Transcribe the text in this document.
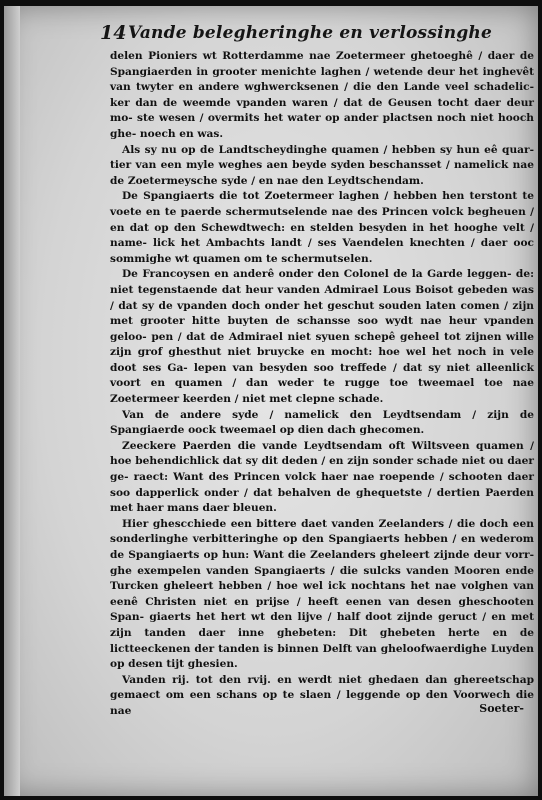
14 Vande belegheringhe en verlossinghe

delen Pioniers wt Rotterdamme nae Zoetermeer ghetoeghê / daer de Spangiaerden in grooter menichte laghen / wetende deur het inghevêt van twyter en andere wghwercksenen / die den Lande veel schadelic- ker dan de weemde vpanden waren / dat de Geusen tocht daer deur mo- ste wesen / overmits het water op ander plactsen noch niet hooch ghe- noech en was.

Als sy nu op de Landtscheydinghe quamen / hebben sy hun eê quar- tier van een myle weghes aen beyde syden beschansset / namelick nae de Zoetermeysche syde / en nae den Leydtschendam.

De Spangiaerts die tot Zoetermeer laghen / hebben hen terstont te voete en te paerde schermutselende nae des Princen volck begheuen / en dat op den Schewdtwech: en stelden besyden in het hooghe velt / name- lick het Ambachts landt / ses Vaendelen knechten / daer ooc sommighe wt quamen om te schermutselen.

De Francoysen en anderê onder den Colonel de la Garde leggen- de: niet tegenstaende dat heur vanden Admirael Lous Boisot gebeden was / dat sy de vpanden doch onder het geschut souden laten comen / zijn met grooter hitte buyten de schansse soo wydt nae heur vpanden geloo- pen / dat de Admirael niet syuen schepê geheel tot zijnen wille zijn grof ghesthut niet bruycke en mocht: hoe wel het noch in vele doot ses Ga- lepen van besyden soo treffede / dat sy niet alleenlick voort en quamen / dan weder te rugge toe tweemael toe nae Zoetermeer keerden / niet met clepne schade.

Van de andere syde / namelick den Leydtsendam / zijn de Spangiaerde oock tweemael op dien dach ghecomen.

Zeeckere Paerden die vande Leydtsendam oft Wiltsveen quamen / hoe behendichlick dat sy dit deden / en zijn sonder schade niet ou daer ge- raect: Want des Princen volck haer nae roepende / schooten daer soo dapperlick onder / dat behalven de ghequetste / dertien Paerden met haer mans daer bleuen.

Hier ghescchiede een bittere daet vanden Zeelanders / die doch een sonderlinghe verbitteringhe op den Spangiaerts hebben / en wederom de Spangiaerts op hun: Want die Zeelanders gheleert zijnde deur vorr- ghe exempelen vanden Spangiaerts / die sulcks vanden Mooren ende Turcken gheleert hebben / hoe wel ick nochtans het nae volghen van eenê Christen niet en prijse / heeft eenen van desen gheschooten Span- giaerts het hert wt den lijve / half doot zijnde geruct / en met zijn tanden daer inne ghebeten: Dit ghebeten herte en de lictteeckenen der tanden is binnen Delft van gheloofwaerdighe Luyden op desen tijt ghesien.

Vanden rij. tot den rvij. en werdt niet ghedaen dan ghereetschap gemaect om een schans op te slaen / leggende op den Voorwech die nae	Soeter-
